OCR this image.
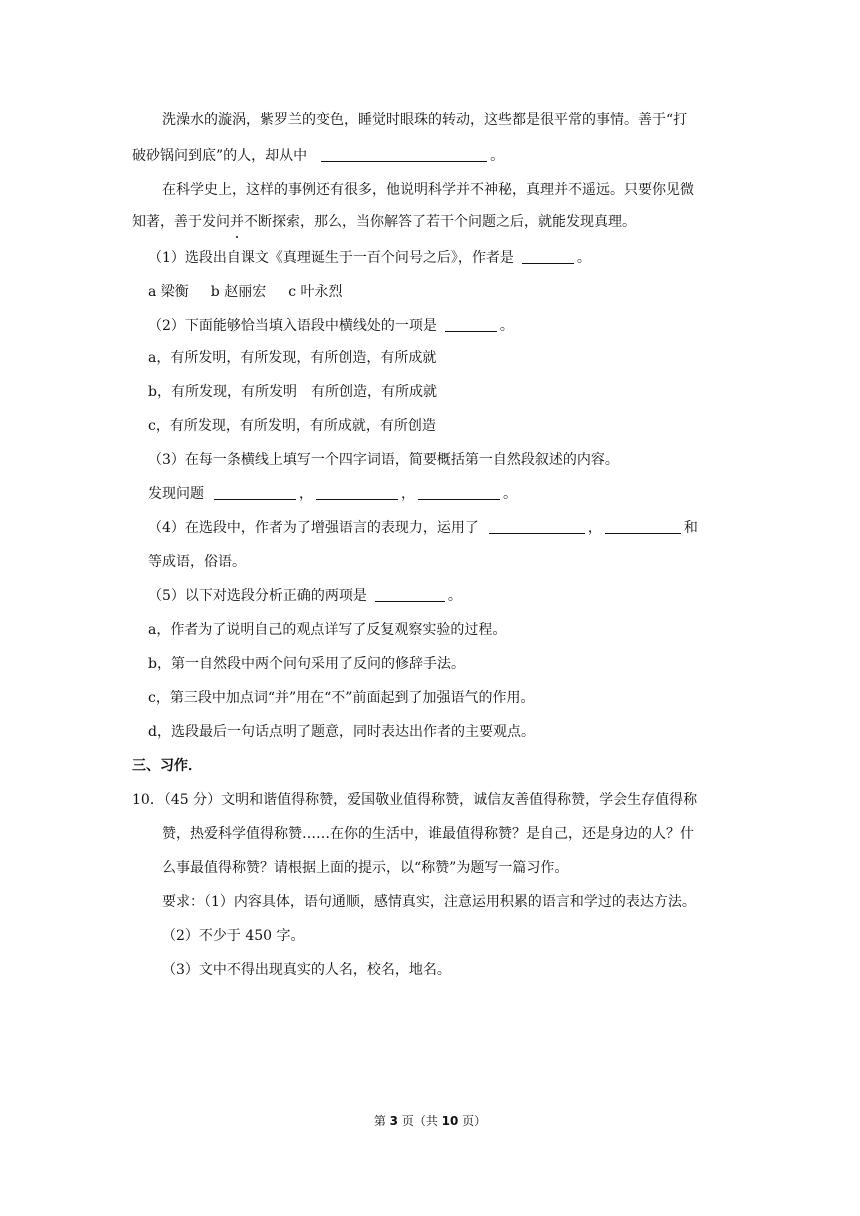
洗澡水的漩涡，紫罗兰的变色，睡觉时眼珠的转动，这些都是很平常的事情。善于“打
破砂锅问到底”的人，却从中	。
在科学史上，这样的事例还有很多，他说明科学并不神秘，真理并不遥远。只要你见微
知著，善于发问并不断探索，那么，当你解答了若干个问题之后，就能发现真理。
（1）选段出自课文《真理诞生于一百个问号之后》，作者是	。
a 梁衡 b 赵丽宏 c 叶永烈
（2）下面能够恰当填入语段中横线处的一项是	。
a，有所发明，有所发现，有所创造，有所成就
b，有所发现，有所发明　有所创造，有所成就
c，有所发现，有所发明，有所成就，有所创造
（3）在每一条横线上填写一个四字词语，简要概括第一自然段叙述的内容。
发现问题	，	，	。
（4）在选段中，作者为了增强语言的表现力，运用了	，	和
等成语，俗语。
（5）以下对选段分析正确的两项是	。
a，作者为了说明自己的观点详写了反复观察实验的过程。
b，第一自然段中两个问句采用了反问的修辞手法。
c，第三段中加点词“并”用在“不”前面起到了加强语气的作用。
d，选段最后一句话点明了题意，同时表达出作者的主要观点。
三、习作．
10．（45 分）文明和谐值得称赞，爱国敬业值得称赞，诚信友善值得称赞，学会生存值得称
赞，热爱科学值得称赞……在你的生活中，谁最值得称赞？是自己，还是身边的人？什
么事最值得称赞？请根据上面的提示，以“称赞”为题写一篇习作。
要求：（1）内容具体，语句通顺，感情真实，注意运用积累的语言和学过的表达方法。
（2）不少于 450 字。
（3）文中不得出现真实的人名，校名，地名。
第 3 页（共 10 页）
